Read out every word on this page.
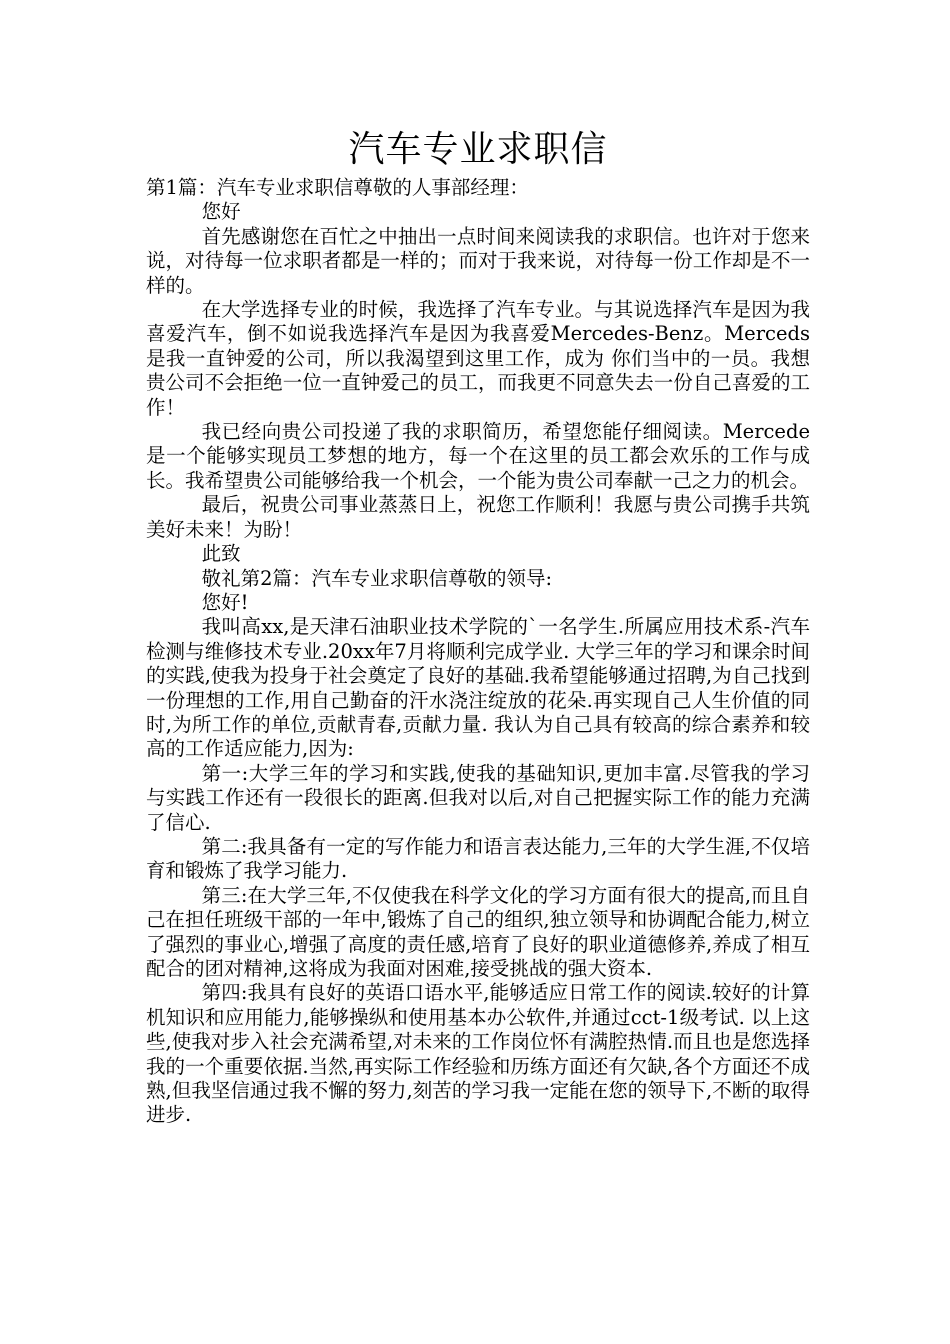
汽车专业求职信

第1篇：汽车专业求职信尊敬的人事部经理：

您好

首先感谢您在百忙之中抽出一点时间来阅读我的求职信。也许对于您来说，对待每一位求职者都是一样的；而对于我来说，对待每一份工作却是不一样的。

在大学选择专业的时候，我选择了汽车专业。与其说选择汽车是因为我喜爱汽车，倒不如说我选择汽车是因为我喜爱Mercedes-Benz。Merceds是我一直钟爱的公司，所以我渴望到这里工作，成为 你们当中的一员。我想贵公司不会拒绝一位一直钟爱己的员工，而我更不同意失去一份自己喜爱的工作！

我已经向贵公司投递了我的求职简历，希望您能仔细阅读。Mercede是一个能够实现员工梦想的地方，每一个在这里的员工都会欢乐的工作与成长。我希望贵公司能够给我一个机会，一个能为贵公司奉献一己之力的机会。

最后，祝贵公司事业蒸蒸日上，祝您工作顺利！我愿与贵公司携手共筑美好未来！为盼！

此致

敬礼第2篇：汽车专业求职信尊敬的领导:

您好!

我叫高xx,是天津石油职业技术学院的`一名学生.所属应用技术系-汽车检测与维修技术专业.20xx年7月将顺利完成学业. 大学三年的学习和课余时间的实践,使我为投身于社会奠定了良好的基础.我希望能够通过招聘,为自己找到一份理想的工作,用自己勤奋的汗水浇注绽放的花朵.再实现自己人生价值的同时,为所工作的单位,贡献青春,贡献力量. 我认为自己具有较高的综合素养和较高的工作适应能力,因为:

第一:大学三年的学习和实践,使我的基础知识,更加丰富.尽管我的学习与实践工作还有一段很长的距离.但我对以后,对自己把握实际工作的能力充满了信心.

第二:我具备有一定的写作能力和语言表达能力,三年的大学生涯,不仅培育和锻炼了我学习能力.

第三:在大学三年,不仅使我在科学文化的学习方面有很大的提高,而且自己在担任班级干部的一年中,锻炼了自己的组织,独立领导和协调配合能力,树立了强烈的事业心,增强了高度的责任感,培育了良好的职业道德修养,养成了相互配合的团对精神,这将成为我面对困难,接受挑战的强大资本.

第四:我具有良好的英语口语水平,能够适应日常工作的阅读.较好的计算机知识和应用能力,能够操纵和使用基本办公软件,并通过cct-1级考试. 以上这些,使我对步入社会充满希望,对未来的工作岗位怀有满腔热情.而且也是您选择我的一个重要依据.当然,再实际工作经验和历练方面还有欠缺,各个方面还不成熟,但我坚信通过我不懈的努力,刻苦的学习我一定能在您的领导下,不断的取得进步.
